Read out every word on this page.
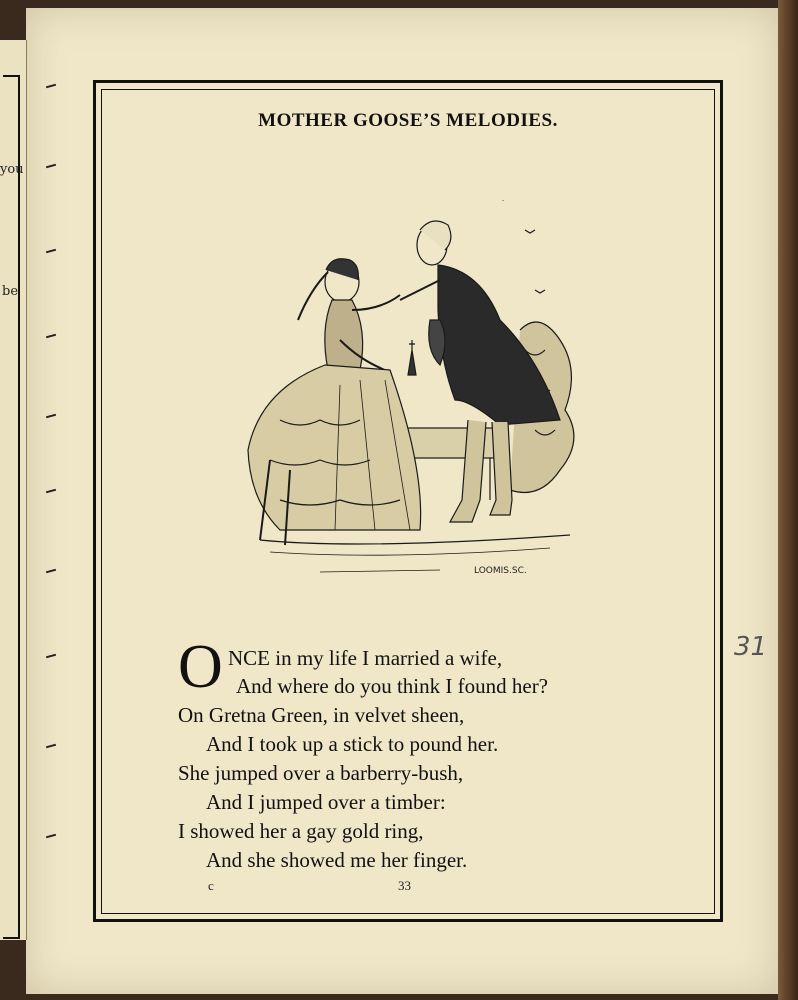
you
be
MOTHER GOOSE’S MELODIES.
LOOMIS.SC.
O NCE in my life I married a wife,
And where do you think I found her?
On Gretna Green, in velvet sheen,
And I took up a stick to pound her.
She jumped over a barberry-bush,
And I jumped over a timber:
I showed her a gay gold ring,
And she showed me her finger.
c	33
31
